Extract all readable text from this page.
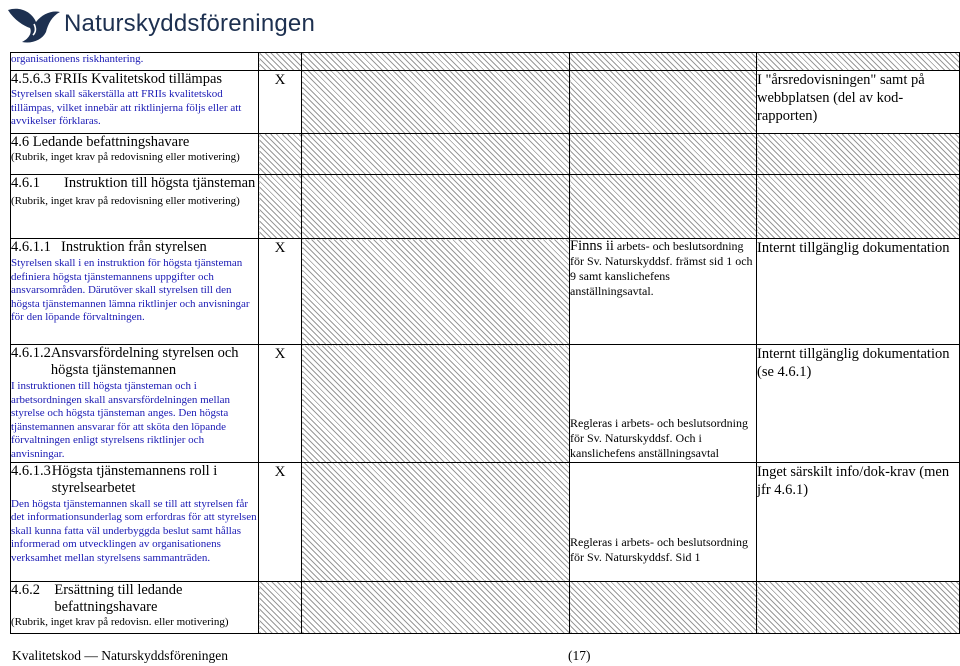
Naturskyddsföreningen
organisationens riskhantering.				

4.5.6.3 FRIIs Kvalitetskod tillämpas
Styrelsen skall säkerställa att FRIIs kvalitetskod tillämpas, vilket innebär att riktlinjerna följs eller att avvikelser förklaras.	X			I "årsredovisningen" samt på webbplatsen (del av kod-rapporten)

4.6 Ledande befattningshavare
(Rubrik, inget krav på redovisning eller motivering)				

4.6.1 Instruktion till högsta tjänsteman
(Rubrik, inget krav på redovisning eller motivering)				

4.6.1.1 Instruktion från styrelsen
Styrelsen skall i en instruktion för högsta tjänsteman definiera högsta tjänstemannens uppgifter och ansvarsområden. Därutöver skall styrelsen till den högsta tjänstemannen lämna riktlinjer och anvisningar för den löpande förvaltningen.	X		Finns ii arbets- och beslutsordning för Sv. Naturskyddsf. främst sid 1 och 9 samt kanslichefens anställningsavtal.	Internt tillgänglig dokumentation

4.6.1.2 Ansvarsfördelning styrelsen och högsta tjänstemannen
I instruktionen till högsta tjänsteman och i arbetsordningen skall ansvarsfördelningen mellan styrelse och högsta tjänsteman anges. Den högsta tjänstemannen ansvarar för att sköta den löpande förvaltningen enligt styrelsens riktlinjer och anvisningar.	X		Regleras i arbets- och beslutsordning för Sv. Naturskyddsf. Och i kanslichefens anställningsavtal	Internt tillgänglig dokumentation (se 4.6.1)

4.6.1.3 Högsta tjänstemannens roll i styrelsearbetet
Den högsta tjänstemannen skall se till att styrelsen får det informationsunderlag som erfordras för att styrelsen skall kunna fatta väl underbyggda beslut samt hållas informerad om utvecklingen av organisationens verksamhet mellan styrelsens sammanträden.	X		Regleras i arbets- och beslutsordning för Sv. Naturskyddsf. Sid 1	Inget särskilt info/dok-krav (men jfr 4.6.1)

4.6.2 Ersättning till ledande befattningshavare
(Rubrik, inget krav på redovisn. eller motivering)				

Kvalitetskod — Naturskyddsföreningen	(17)
